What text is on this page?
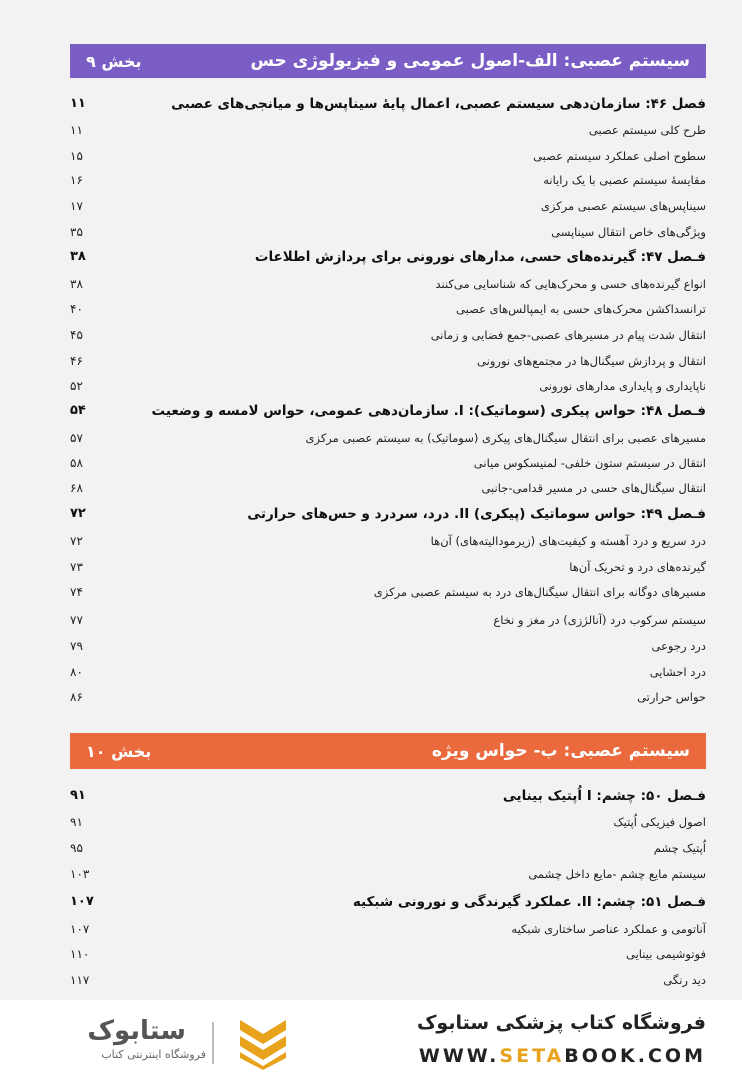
سیستم عصبی: الف-اصول عمومی و فیزیولوژی حس
بخش ۹
سیستم عصبی: ب- حواس ویژه
بخش ۱۰
فصل ۴۶: سازمان‌دهی سیستم عصبی، اعمال پایهٔ سیناپس‌ها و میانجی‌های عصبی
۱۱
طرح کلی سیستم عصبی
۱۱
سطوح اصلی عملکرد سیستم عصبی
۱۵
مقایسهٔ سیستم عصبی با یک رایانه
۱۶
سیناپس‌های سیستم عصبی مرکزی
۱۷
ویژگی‌های خاص انتقال سیناپسی
۳۵
فـصل ۴۷: گیرنده‌های حسی، مدارهای نورونی برای پردازش اطلاعات
۳۸
انواع گیرنده‌های حسی و محرک‌هایی که شناسایی می‌کنند
۳۸
ترانسداکشن محرک‌های حسی به ایمپالس‌های عصبی
۴۰
انتقال شدت پیام در مسیرهای عصبی-جمع فضایی و زمانی
۴۵
انتقال و پردازش سیگنال‌ها در مجتمع‌های نورونی
۴۶
ناپایداری و پایداری مدارهای نورونی
۵۲
فـصل ۴۸: حواس پیکری (سوماتیک): I. سازمان‌دهی عمومی، حواس لامسه و وضعیت
۵۴
مسیرهای عصبی برای انتقال سیگنال‌های پیکری (سوماتیک) به سیستم عصبی مرکزی
۵۷
انتقال در سیستم ستون خلفی- لمنیسکوس میانی
۵۸
انتقال سیگنال‌های حسی در مسیر قدامی-جانبی
۶۸
فـصل ۴۹: حواس سوماتیک (پیکری) II. درد، سردرد و حس‌های حرارتی
۷۲
درد سریع و درد آهسته و کیفیت‌های (زیرمودالیته‌های) آن‌ها
۷۲
گیرنده‌های درد و تحریک آن‌ها
۷۳
مسیرهای دوگانه برای انتقال سیگنال‌های درد به سیستم عصبی مرکزی
۷۴
سیستم سرکوب درد (آنالژزی) در مغز و نخاع
۷۷
درد رجوعی
۷۹
درد احشایی
۸۰
حواس حرارتی
۸۶
فـصل ۵۰: چشم: I اُپتیک بینایی
۹۱
اصول فیزیکی اُپتیک
۹۱
اُپتیک چشم
۹۵
سیستم مایع چشم -مایع داخل چشمی
۱۰۳
فـصل ۵۱: چشم: II. عملکرد گیرندگی و نورونی شبکیه
۱۰۷
آناتومی و عملکرد عناصر ساختاری شبکیه
۱۰۷
فوتوشیمی بینایی
۱۱۰
دید رنگی
۱۱۷
ستابوک
فروشگاه اینترنتی کتاب
فروشگاه کتاب پزشکی ستابوک
WWW.SETABOOK.COM
